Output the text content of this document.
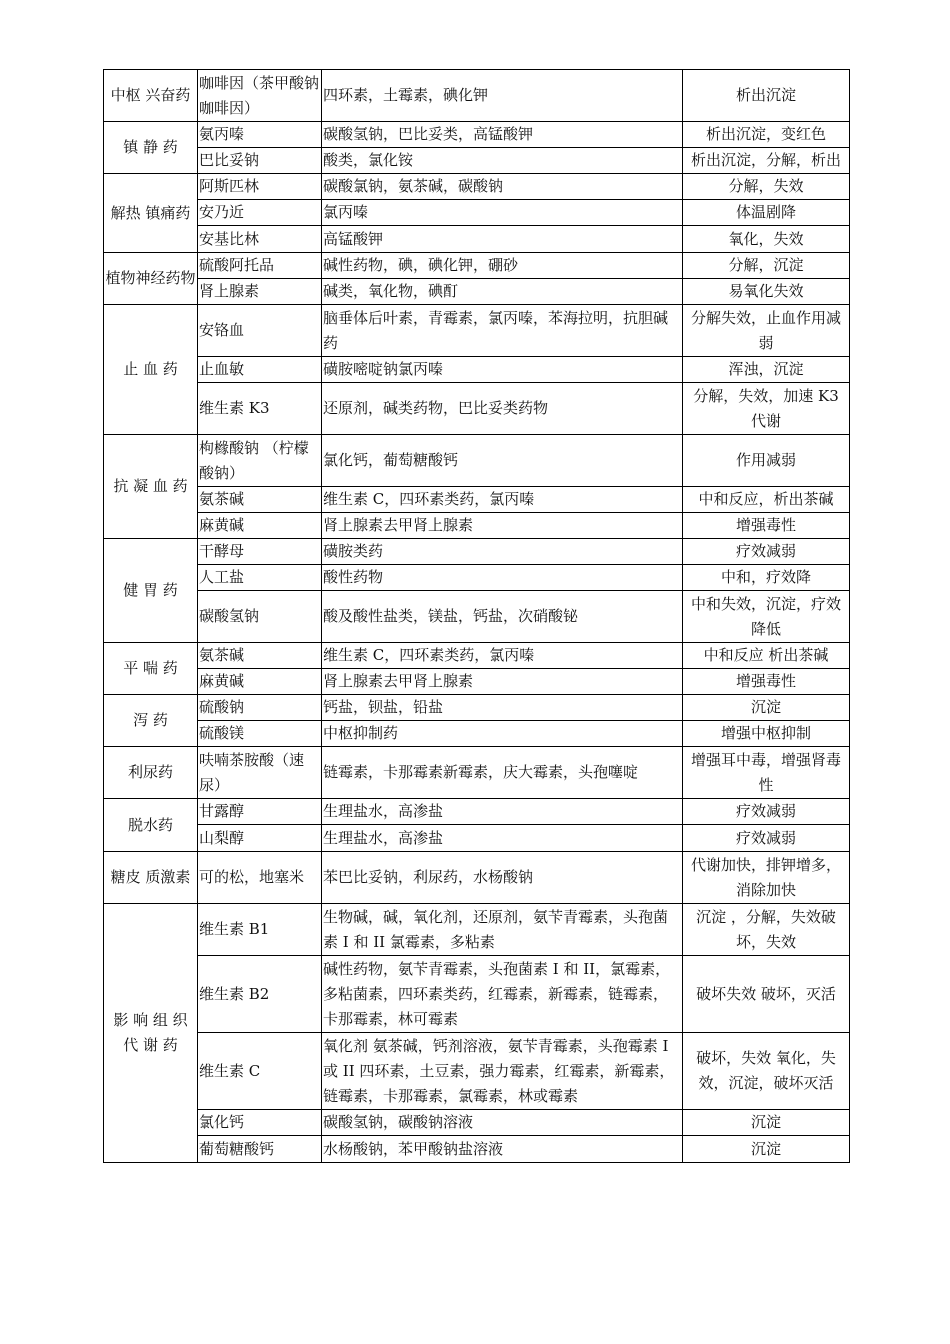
中枢 兴奋药	咖啡因（茶甲酸钠咖啡因）	四环素，土霉素，碘化钾	析出沉淀
镇 静 药	氨丙嗪	碳酸氢钠，巴比妥类，高锰酸钾	析出沉淀，变红色
	巴比妥钠	酸类，氯化铵	析出沉淀，分解，析出
解热 镇痛药	阿斯匹林	碳酸氯钠，氨茶碱，碳酸钠	分解，失效
	安乃近	氯丙嗪	体温剧降
	安基比林	高锰酸钾	氧化，失效
植物神经药物	硫酸阿托品	碱性药物，碘，碘化钾，硼砂	分解，沉淀
	肾上腺素	碱类，氧化物，碘酊	易氧化失效
止 血 药	安铬血	脑垂体后叶素，青霉素，氯丙嗪，苯海拉明，抗胆碱药	分解失效，止血作用减弱
	止血敏	磺胺嘧啶钠氯丙嗪	浑浊，沉淀
	维生素 K3	还原剂，碱类药物，巴比妥类药物	分解，失效，加速 K3 代谢
抗 凝 血 药	枸橼酸钠 （柠檬酸钠）	氯化钙，葡萄糖酸钙	作用减弱
	氨茶碱	维生素 C，四环素类药，氯丙嗪	中和反应，析出茶碱
	麻黄碱	肾上腺素去甲肾上腺素	增强毒性
健 胃 药	干酵母	磺胺类药	疗效减弱
	人工盐	酸性药物	中和，疗效降
	碳酸氢钠	酸及酸性盐类，镁盐，钙盐，次硝酸铋	中和失效，沉淀，疗效降低
平 喘 药	氨茶碱	维生素 C，四环素类药，氯丙嗪	中和反应 析出茶碱
	麻黄碱	肾上腺素去甲肾上腺素	增强毒性
泻 药	硫酸钠	钙盐，钡盐，铅盐	沉淀
	硫酸镁	中枢抑制药	增强中枢抑制
利尿药	呋喃茶胺酸（速尿）	链霉素，卡那霉素新霉素，庆大霉素，头孢噻啶	增强耳中毒，增强肾毒性
脱水药	甘露醇	生理盐水，高渗盐	疗效减弱
	山梨醇	生理盐水，高渗盐	疗效减弱
糖皮 质激素	可的松，地塞米	苯巴比妥钠，利尿药，水杨酸钠	代谢加快，排钾增多，消除加快
影 响 组 织 代 谢 药	维生素 B1	生物碱，碱，氧化剂，还原剂，氨苄青霉素，头孢菌素 I 和 II 氯霉素，多粘素	沉淀 ，分解，失效破坏，失效
	维生素 B2	碱性药物，氨苄青霉素，头孢菌素 I 和 II，氯霉素，多粘菌素，四环素类药，红霉素，新霉素，链霉素，卡那霉素，林可霉素	破坏失效 破坏，灭活
	维生素 C	氧化剂 氨茶碱，钙剂溶液，氨苄青霉素，头孢霉素 I 或 II 四环素，土豆素，强力霉素，红霉素，新霉素，链霉素，卡那霉素，氯霉素，林或霉素	破坏，失效 氧化，失效，沉淀，破坏灭活
	氯化钙	碳酸氢钠，碳酸钠溶液	沉淀
	葡萄糖酸钙	水杨酸钠，苯甲酸钠盐溶液	沉淀
